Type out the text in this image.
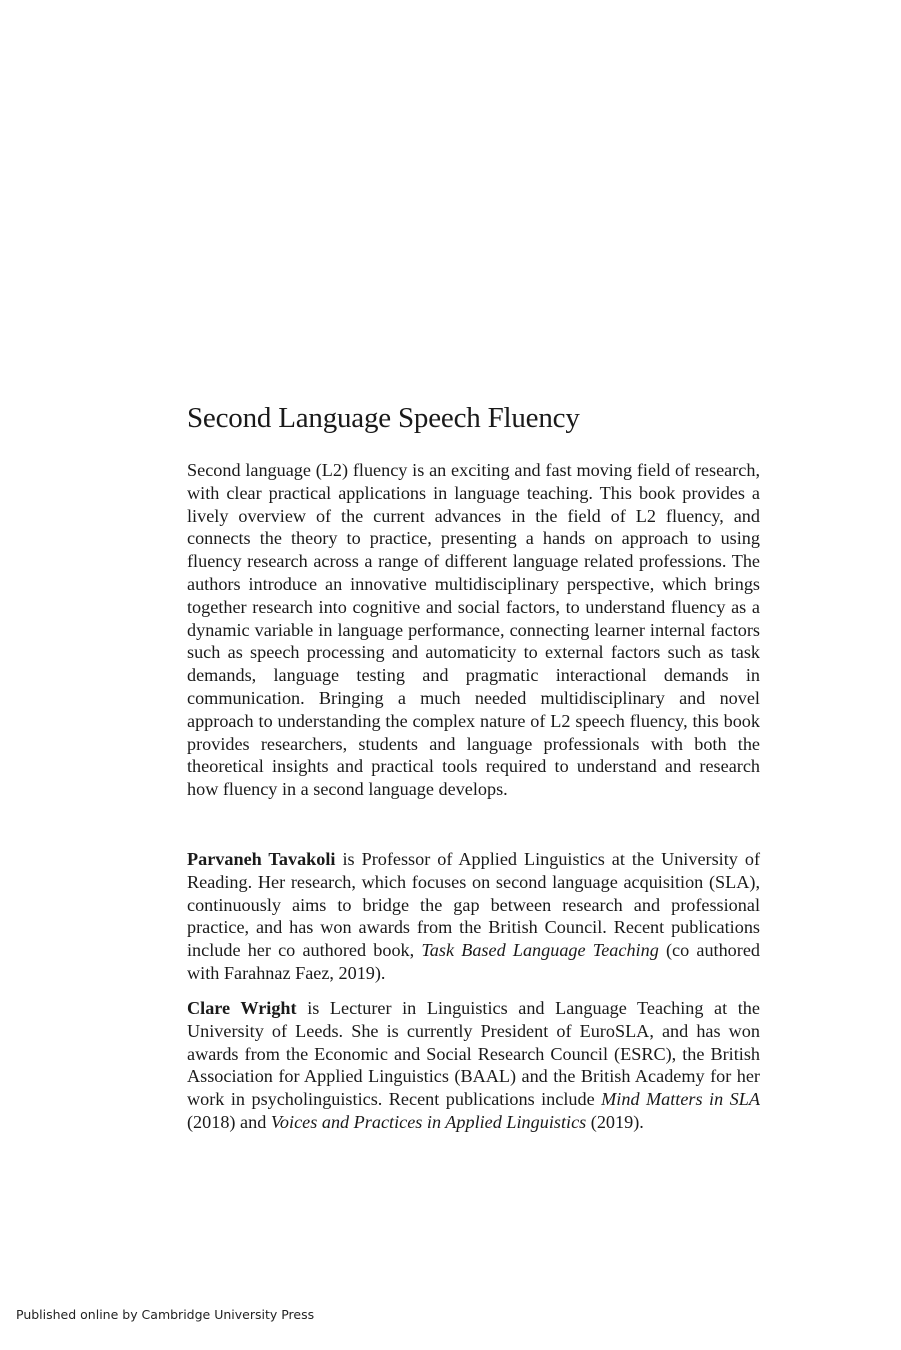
Second Language Speech Fluency

Second language (L2) fluency is an exciting and fast moving field of research, with clear practical applications in language teaching. This book provides a lively overview of the current advances in the field of L2 fluency, and connects the theory to practice, presenting a hands on approach to using fluency research across a range of different language related professions. The authors introduce an innovative multidisciplinary perspective, which brings together research into cognitive and social factors, to understand fluency as a dynamic variable in language performance, connecting learner internal factors such as speech processing and automaticity to external factors such as task demands, language testing and pragmatic interactional demands in communication. Bringing a much needed multidisciplinary and novel approach to understanding the complex nature of L2 speech fluency, this book provides researchers, students and language professionals with both the theoretical insights and practical tools required to understand and research how fluency in a second language develops.

Parvaneh Tavakoli is Professor of Applied Linguistics at the University of Reading. Her research, which focuses on second language acquisition (SLA), continuously aims to bridge the gap between research and professional practice, and has won awards from the British Council. Recent publications include her co authored book, Task Based Language Teaching (co authored with Farahnaz Faez, 2019).

Clare Wright is Lecturer in Linguistics and Language Teaching at the University of Leeds. She is currently President of EuroSLA, and has won awards from the Economic and Social Research Council (ESRC), the British Association for Applied Linguistics (BAAL) and the British Academy for her work in psycholinguistics. Recent publications include Mind Matters in SLA (2018) and Voices and Practices in Applied Linguistics (2019).

Published online by Cambridge University Press
